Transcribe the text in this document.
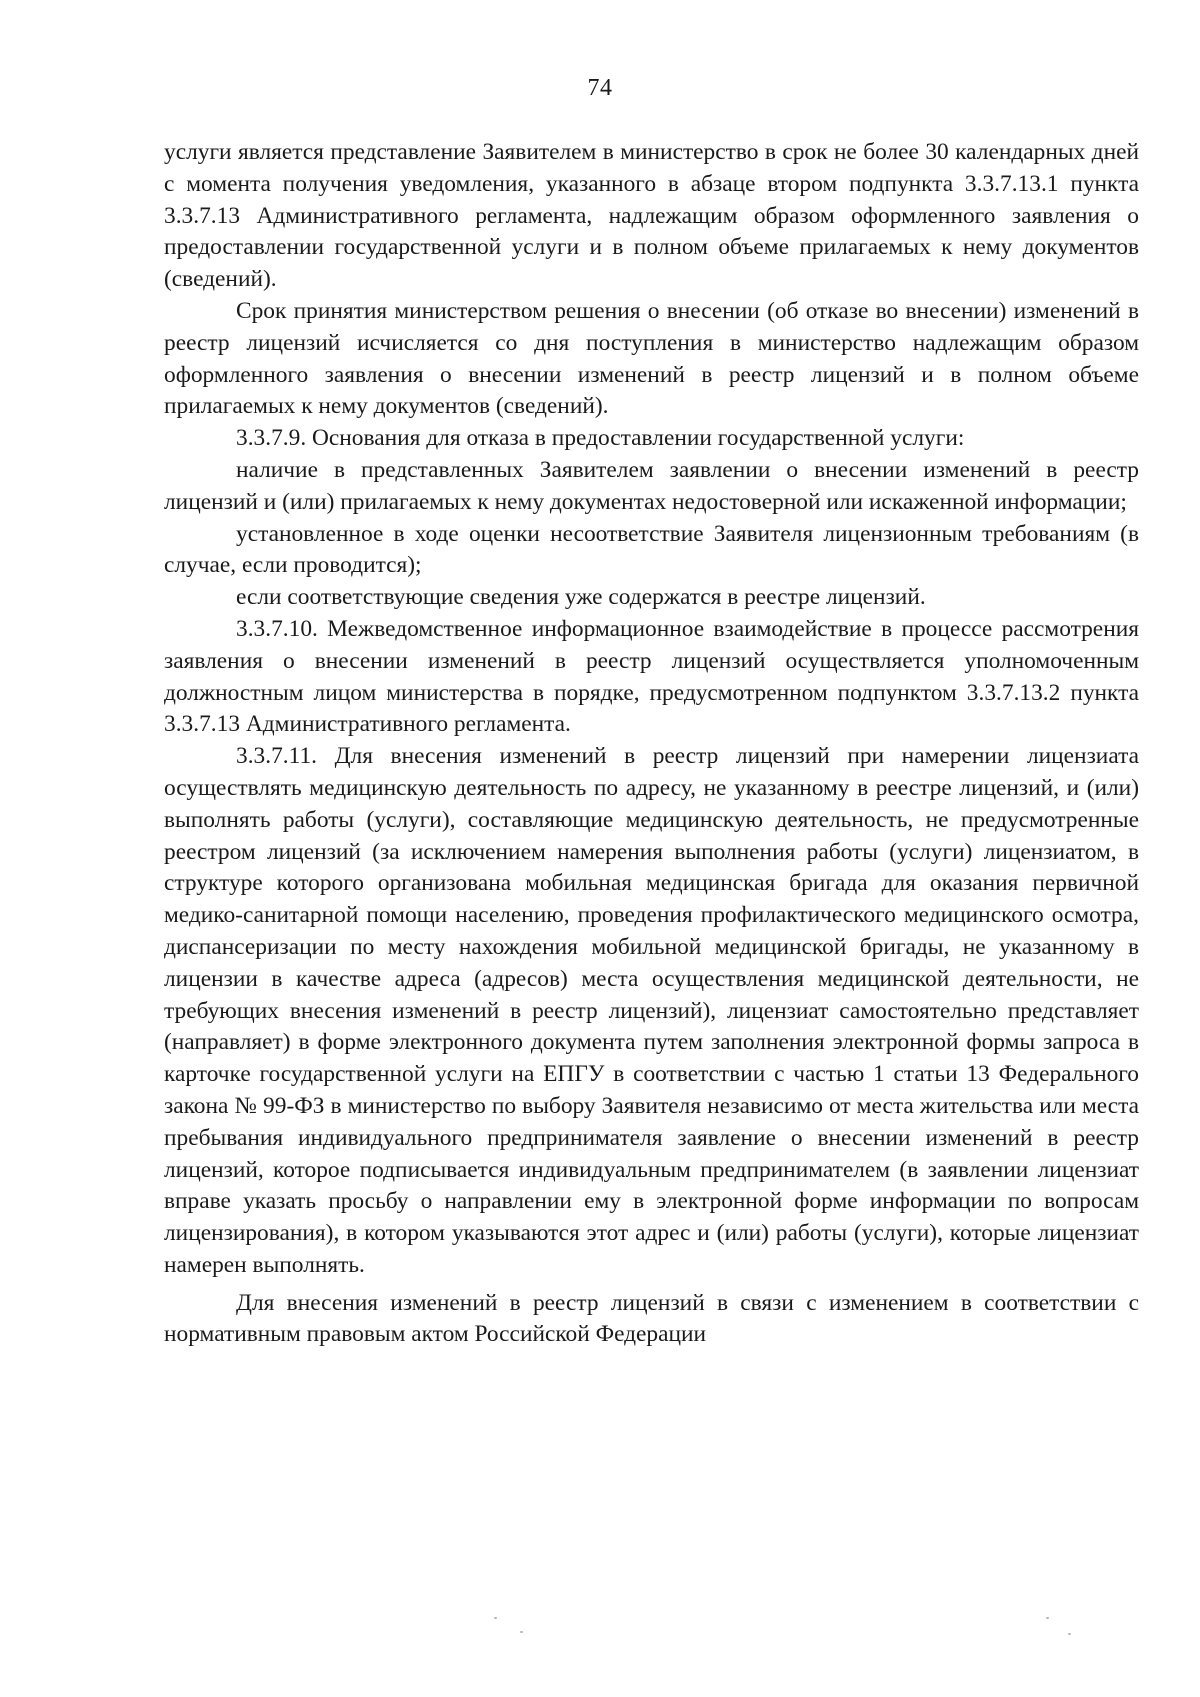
74

услуги является представление Заявителем в министерство в срок не более 30 календарных дней с момента получения уведомления, указанного в абзаце втором подпункта 3.3.7.13.1 пункта 3.3.7.13 Административного регламента, надлежащим образом оформленного заявления о предоставлении государственной услуги и в полном объеме прилагаемых к нему документов (сведений).

Срок принятия министерством решения о внесении (об отказе во внесении) изменений в реестр лицензий исчисляется со дня поступления в министерство надлежащим образом оформленного заявления о внесении изменений в реестр лицензий и в полном объеме прилагаемых к нему документов (сведений).

3.3.7.9. Основания для отказа в предоставлении государственной услуги:

наличие в представленных Заявителем заявлении о внесении изменений в реестр лицензий и (или) прилагаемых к нему документах недостоверной или искаженной информации;

установленное в ходе оценки несоответствие Заявителя лицензионным требованиям (в случае, если проводится);

если соответствующие сведения уже содержатся в реестре лицензий.

3.3.7.10. Межведомственное информационное взаимодействие в процессе рассмотрения заявления о внесении изменений в реестр лицензий осуществляется уполномоченным должностным лицом министерства в порядке, предусмотренном подпунктом 3.3.7.13.2 пункта 3.3.7.13 Административного регламента.

3.3.7.11. Для внесения изменений в реестр лицензий при намерении лицензиата осуществлять медицинскую деятельность по адресу, не указанному в реестре лицензий, и (или) выполнять работы (услуги), составляющие медицинскую деятельность, не предусмотренные реестром лицензий (за исключением намерения выполнения работы (услуги) лицензиатом, в структуре которого организована мобильная медицинская бригада для оказания первичной медико-санитарной помощи населению, проведения профилактического медицинского осмотра, диспансеризации по месту нахождения мобильной медицинской бригады, не указанному в лицензии в качестве адреса (адресов) места осуществления медицинской деятельности, не требующих внесения изменений в реестр лицензий), лицензиат самостоятельно представляет (направляет) в форме электронного документа путем заполнения электронной формы запроса в карточке государственной услуги на ЕПГУ в соответствии с частью 1 статьи 13 Федерального закона № 99-ФЗ в министерство по выбору Заявителя независимо от места жительства или места пребывания индивидуального предпринимателя заявление о внесении изменений в реестр лицензий, которое подписывается индивидуальным предпринимателем (в заявлении лицензиат вправе указать просьбу о направлении ему в электронной форме информации по вопросам лицензирования), в котором указываются этот адрес и (или) работы (услуги), которые лицензиат намерен выполнять.

Для внесения изменений в реестр лицензий в связи с изменением в соответствии с нормативным правовым актом Российской Федерации
